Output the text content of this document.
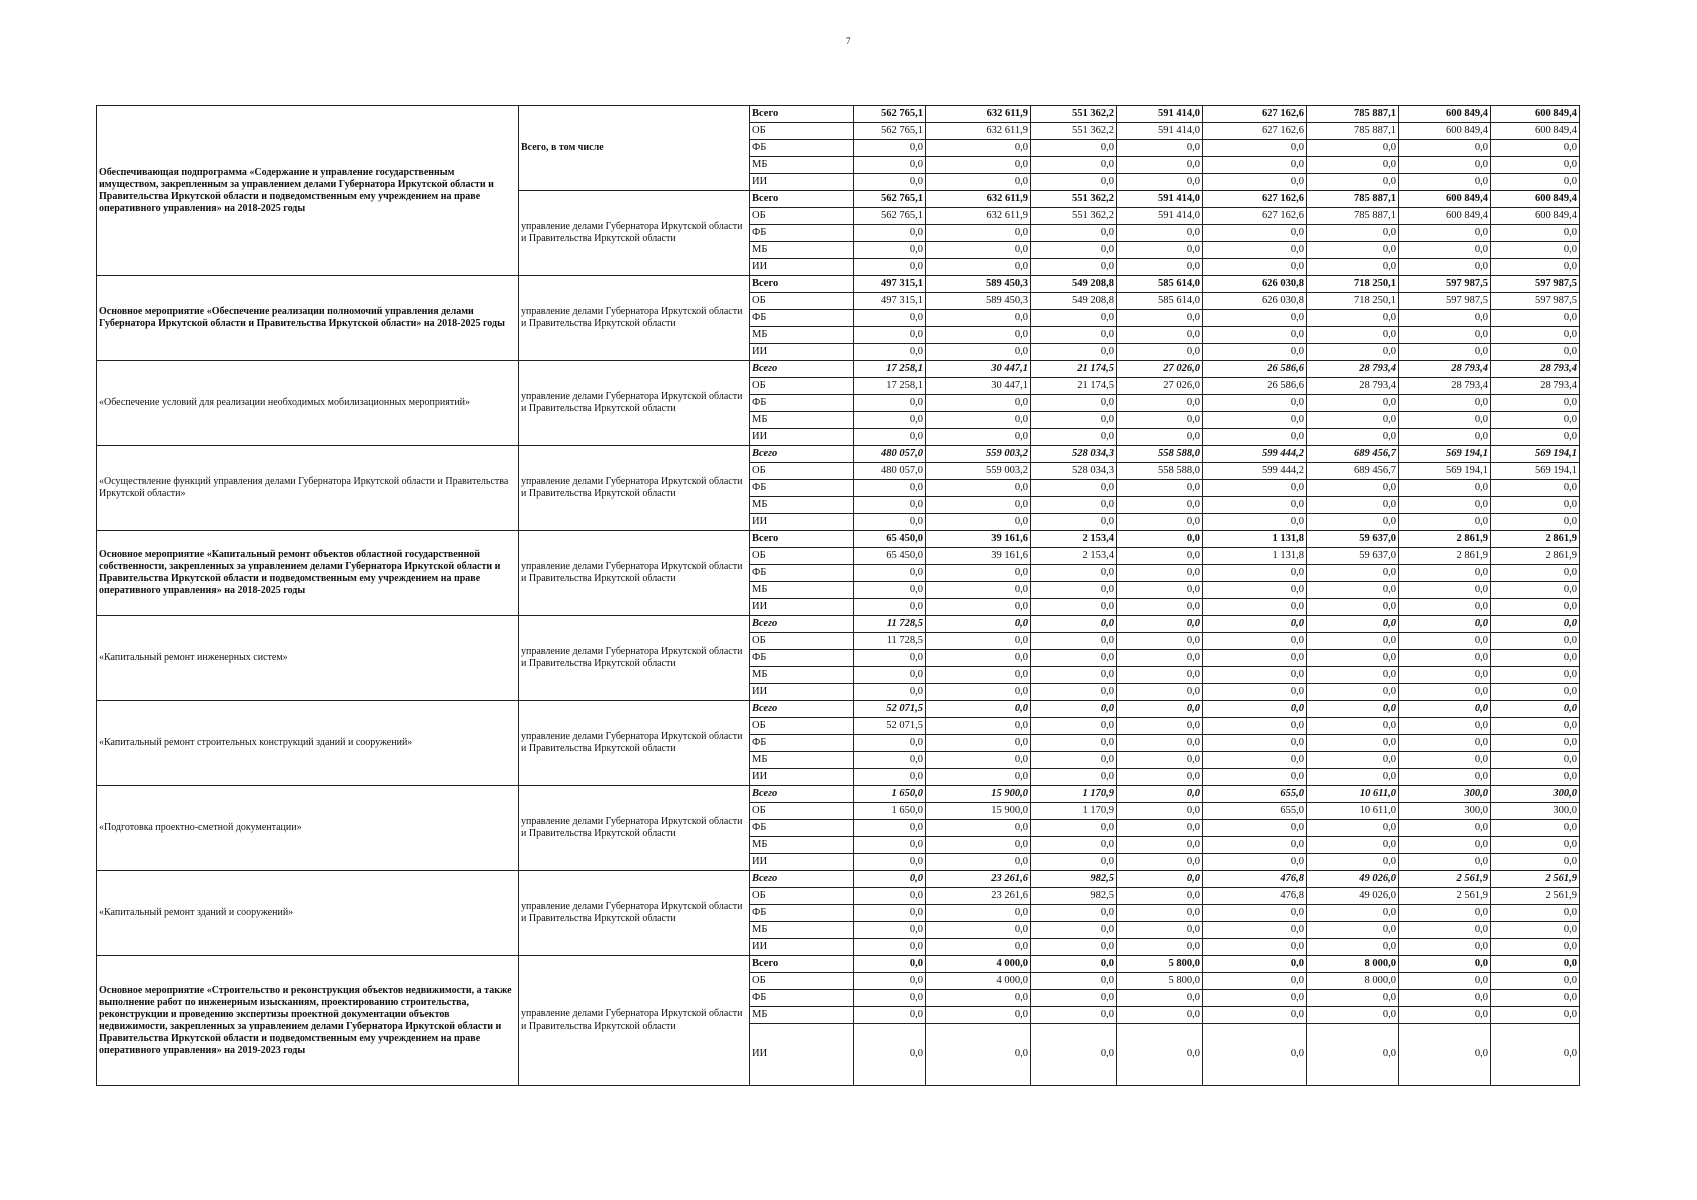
7
Обеспечивающая подпрограмма «Содержание и управление государственным имуществом, закрепленным за управлением делами Губернатора Иркутской области и Правительства Иркутской области и подведомственным ему учреждением на праве оперативного управления» на 2018-2025 годы	Всего, в том числе	Всего	562 765,1	632 611,9	551 362,2	591 414,0	627 162,6	785 887,1	600 849,4	600 849,4
		ОБ	562 765,1	632 611,9	551 362,2	591 414,0	627 162,6	785 887,1	600 849,4	600 849,4
		ФБ	0,0	0,0	0,0	0,0	0,0	0,0	0,0	0,0
		МБ	0,0	0,0	0,0	0,0	0,0	0,0	0,0	0,0
		ИИ	0,0	0,0	0,0	0,0	0,0	0,0	0,0	0,0
	управление делами Губернатора Иркутской области и Правительства Иркутской области	Всего	562 765,1	632 611,9	551 362,2	591 414,0	627 162,6	785 887,1	600 849,4	600 849,4
		ОБ	562 765,1	632 611,9	551 362,2	591 414,0	627 162,6	785 887,1	600 849,4	600 849,4
		ФБ	0,0	0,0	0,0	0,0	0,0	0,0	0,0	0,0
		МБ	0,0	0,0	0,0	0,0	0,0	0,0	0,0	0,0
		ИИ	0,0	0,0	0,0	0,0	0,0	0,0	0,0	0,0
Основное мероприятие «Обеспечение реализации полномочий управления делами Губернатора Иркутской области и Правительства Иркутской области» на 2018-2025 годы	управление делами Губернатора Иркутской области и Правительства Иркутской области	Всего	497 315,1	589 450,3	549 208,8	585 614,0	626 030,8	718 250,1	597 987,5	597 987,5
		ОБ	497 315,1	589 450,3	549 208,8	585 614,0	626 030,8	718 250,1	597 987,5	597 987,5
		ФБ	0,0	0,0	0,0	0,0	0,0	0,0	0,0	0,0
		МБ	0,0	0,0	0,0	0,0	0,0	0,0	0,0	0,0
		ИИ	0,0	0,0	0,0	0,0	0,0	0,0	0,0	0,0
«Обеспечение условий для реализации необходимых мобилизационных мероприятий»	управление делами Губернатора Иркутской области и Правительства Иркутской области	Всего	17 258,1	30 447,1	21 174,5	27 026,0	26 586,6	28 793,4	28 793,4	28 793,4
		ОБ	17 258,1	30 447,1	21 174,5	27 026,0	26 586,6	28 793,4	28 793,4	28 793,4
		ФБ	0,0	0,0	0,0	0,0	0,0	0,0	0,0	0,0
		МБ	0,0	0,0	0,0	0,0	0,0	0,0	0,0	0,0
		ИИ	0,0	0,0	0,0	0,0	0,0	0,0	0,0	0,0
«Осуществление функций управления делами Губернатора Иркутской области и Правительства Иркутской области»	управление делами Губернатора Иркутской области и Правительства Иркутской области	Всего	480 057,0	559 003,2	528 034,3	558 588,0	599 444,2	689 456,7	569 194,1	569 194,1
		ОБ	480 057,0	559 003,2	528 034,3	558 588,0	599 444,2	689 456,7	569 194,1	569 194,1
		ФБ	0,0	0,0	0,0	0,0	0,0	0,0	0,0	0,0
		МБ	0,0	0,0	0,0	0,0	0,0	0,0	0,0	0,0
		ИИ	0,0	0,0	0,0	0,0	0,0	0,0	0,0	0,0
Основное мероприятие «Капитальный ремонт объектов областной государственной собственности, закрепленных за управлением делами Губернатора Иркутской области и Правительства Иркутской области и подведомственным ему учреждением на праве оперативного управления» на 2018-2025 годы	управление делами Губернатора Иркутской области и Правительства Иркутской области	Всего	65 450,0	39 161,6	2 153,4	0,0	1 131,8	59 637,0	2 861,9	2 861,9
		ОБ	65 450,0	39 161,6	2 153,4	0,0	1 131,8	59 637,0	2 861,9	2 861,9
		ФБ	0,0	0,0	0,0	0,0	0,0	0,0	0,0	0,0
		МБ	0,0	0,0	0,0	0,0	0,0	0,0	0,0	0,0
		ИИ	0,0	0,0	0,0	0,0	0,0	0,0	0,0	0,0
«Капитальный ремонт инженерных систем»	управление делами Губернатора Иркутской области и Правительства Иркутской области	Всего	11 728,5	0,0	0,0	0,0	0,0	0,0	0,0	0,0
		ОБ	11 728,5	0,0	0,0	0,0	0,0	0,0	0,0	0,0
		ФБ	0,0	0,0	0,0	0,0	0,0	0,0	0,0	0,0
		МБ	0,0	0,0	0,0	0,0	0,0	0,0	0,0	0,0
		ИИ	0,0	0,0	0,0	0,0	0,0	0,0	0,0	0,0
«Капитальный ремонт строительных конструкций зданий и сооружений»	управление делами Губернатора Иркутской области и Правительства Иркутской области	Всего	52 071,5	0,0	0,0	0,0	0,0	0,0	0,0	0,0
		ОБ	52 071,5	0,0	0,0	0,0	0,0	0,0	0,0	0,0
		ФБ	0,0	0,0	0,0	0,0	0,0	0,0	0,0	0,0
		МБ	0,0	0,0	0,0	0,0	0,0	0,0	0,0	0,0
		ИИ	0,0	0,0	0,0	0,0	0,0	0,0	0,0	0,0
«Подготовка проектно-сметной документации»	управление делами Губернатора Иркутской области и Правительства Иркутской области	Всего	1 650,0	15 900,0	1 170,9	0,0	655,0	10 611,0	300,0	300,0
		ОБ	1 650,0	15 900,0	1 170,9	0,0	655,0	10 611,0	300,0	300,0
		ФБ	0,0	0,0	0,0	0,0	0,0	0,0	0,0	0,0
		МБ	0,0	0,0	0,0	0,0	0,0	0,0	0,0	0,0
		ИИ	0,0	0,0	0,0	0,0	0,0	0,0	0,0	0,0
«Капитальный ремонт зданий и сооружений»	управление делами Губернатора Иркутской области и Правительства Иркутской области	Всего	0,0	23 261,6	982,5	0,0	476,8	49 026,0	2 561,9	2 561,9
		ОБ	0,0	23 261,6	982,5	0,0	476,8	49 026,0	2 561,9	2 561,9
		ФБ	0,0	0,0	0,0	0,0	0,0	0,0	0,0	0,0
		МБ	0,0	0,0	0,0	0,0	0,0	0,0	0,0	0,0
		ИИ	0,0	0,0	0,0	0,0	0,0	0,0	0,0	0,0
Основное мероприятие «Строительство и реконструкция объектов недвижимости, а также выполнение работ по инженерным изысканиям, проектированию строительства, реконструкции и проведению экспертизы проектной документации объектов недвижимости, закрепленных за управлением делами Губернатора Иркутской области и Правительства Иркутской области и подведомственным ему учреждением на праве оперативного управления» на 2019-2023 годы	управление делами Губернатора Иркутской области и Правительства Иркутской области	Всего	0,0	4 000,0	0,0	5 800,0	0,0	8 000,0	0,0	0,0
		ОБ	0,0	4 000,0	0,0	5 800,0	0,0	8 000,0	0,0	0,0
		ФБ	0,0	0,0	0,0	0,0	0,0	0,0	0,0	0,0
		МБ	0,0	0,0	0,0	0,0	0,0	0,0	0,0	0,0
		ИИ	0,0	0,0	0,0	0,0	0,0	0,0	0,0	0,0
